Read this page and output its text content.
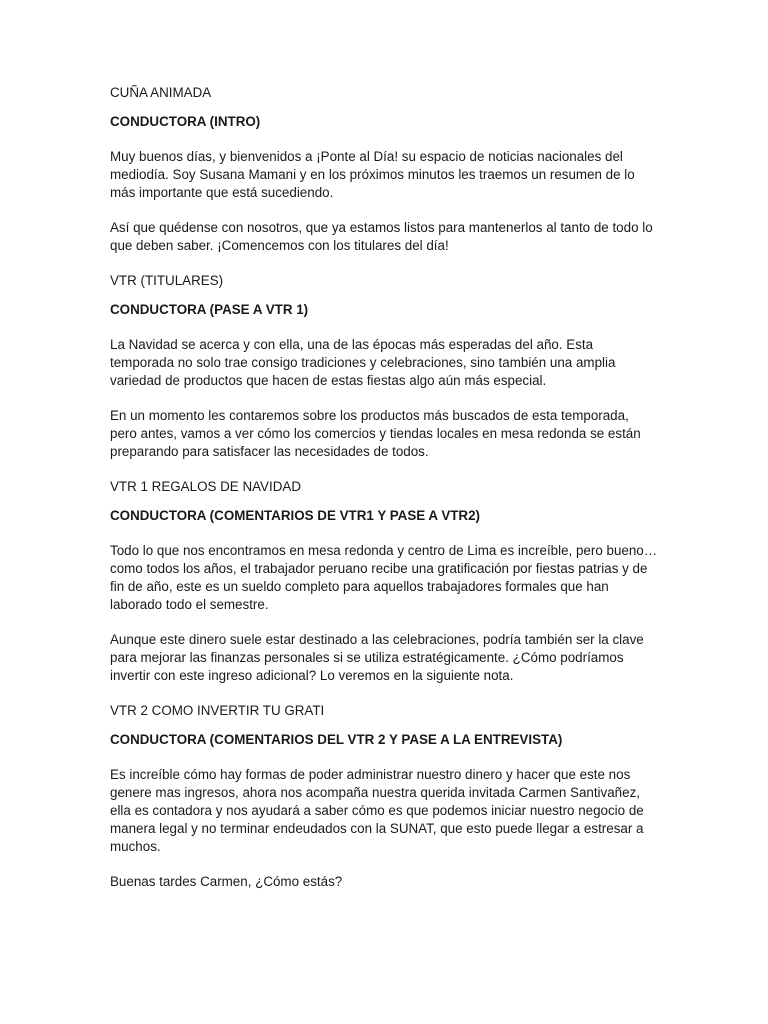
CUÑA ANIMADA

CONDUCTORA (INTRO)

Muy buenos días, y bienvenidos a ¡Ponte al Día! su espacio de noticias nacionales del mediodía. Soy Susana Mamani y en los próximos minutos les traemos un resumen de lo más importante que está sucediendo.

Así que quédense con nosotros, que ya estamos listos para mantenerlos al tanto de todo lo que deben saber. ¡Comencemos con los titulares del día!

VTR (TITULARES)

CONDUCTORA (PASE A VTR 1)

La Navidad se acerca y con ella, una de las épocas más esperadas del año. Esta temporada no solo trae consigo tradiciones y celebraciones, sino también una amplia variedad de productos que hacen de estas fiestas algo aún más especial.

En un momento les contaremos sobre los productos más buscados de esta temporada, pero antes, vamos a ver cómo los comercios y tiendas locales en mesa redonda se están preparando para satisfacer las necesidades de todos.

VTR 1 REGALOS DE NAVIDAD

CONDUCTORA (COMENTARIOS DE VTR1 Y PASE A VTR2)

Todo lo que nos encontramos en mesa redonda y centro de Lima es increíble, pero bueno… como todos los años, el trabajador peruano recibe una gratificación por fiestas patrias y de fin de año, este es un sueldo completo para aquellos trabajadores formales que han laborado todo el semestre.

Aunque este dinero suele estar destinado a las celebraciones, podría también ser la clave para mejorar las finanzas personales si se utiliza estratégicamente. ¿Cómo podríamos invertir con este ingreso adicional? Lo veremos en la siguiente nota.

VTR 2 COMO INVERTIR TU GRATI

CONDUCTORA (COMENTARIOS DEL VTR 2 Y PASE A LA ENTREVISTA)

Es increíble cómo hay formas de poder administrar nuestro dinero y hacer que este nos genere mas ingresos, ahora nos acompaña nuestra querida invitada Carmen Santivañez, ella es contadora y nos ayudará a saber cómo es que podemos iniciar nuestro negocio de manera legal y no terminar endeudados con la SUNAT, que esto puede llegar a estresar a muchos.

Buenas tardes Carmen, ¿Cómo estás?
